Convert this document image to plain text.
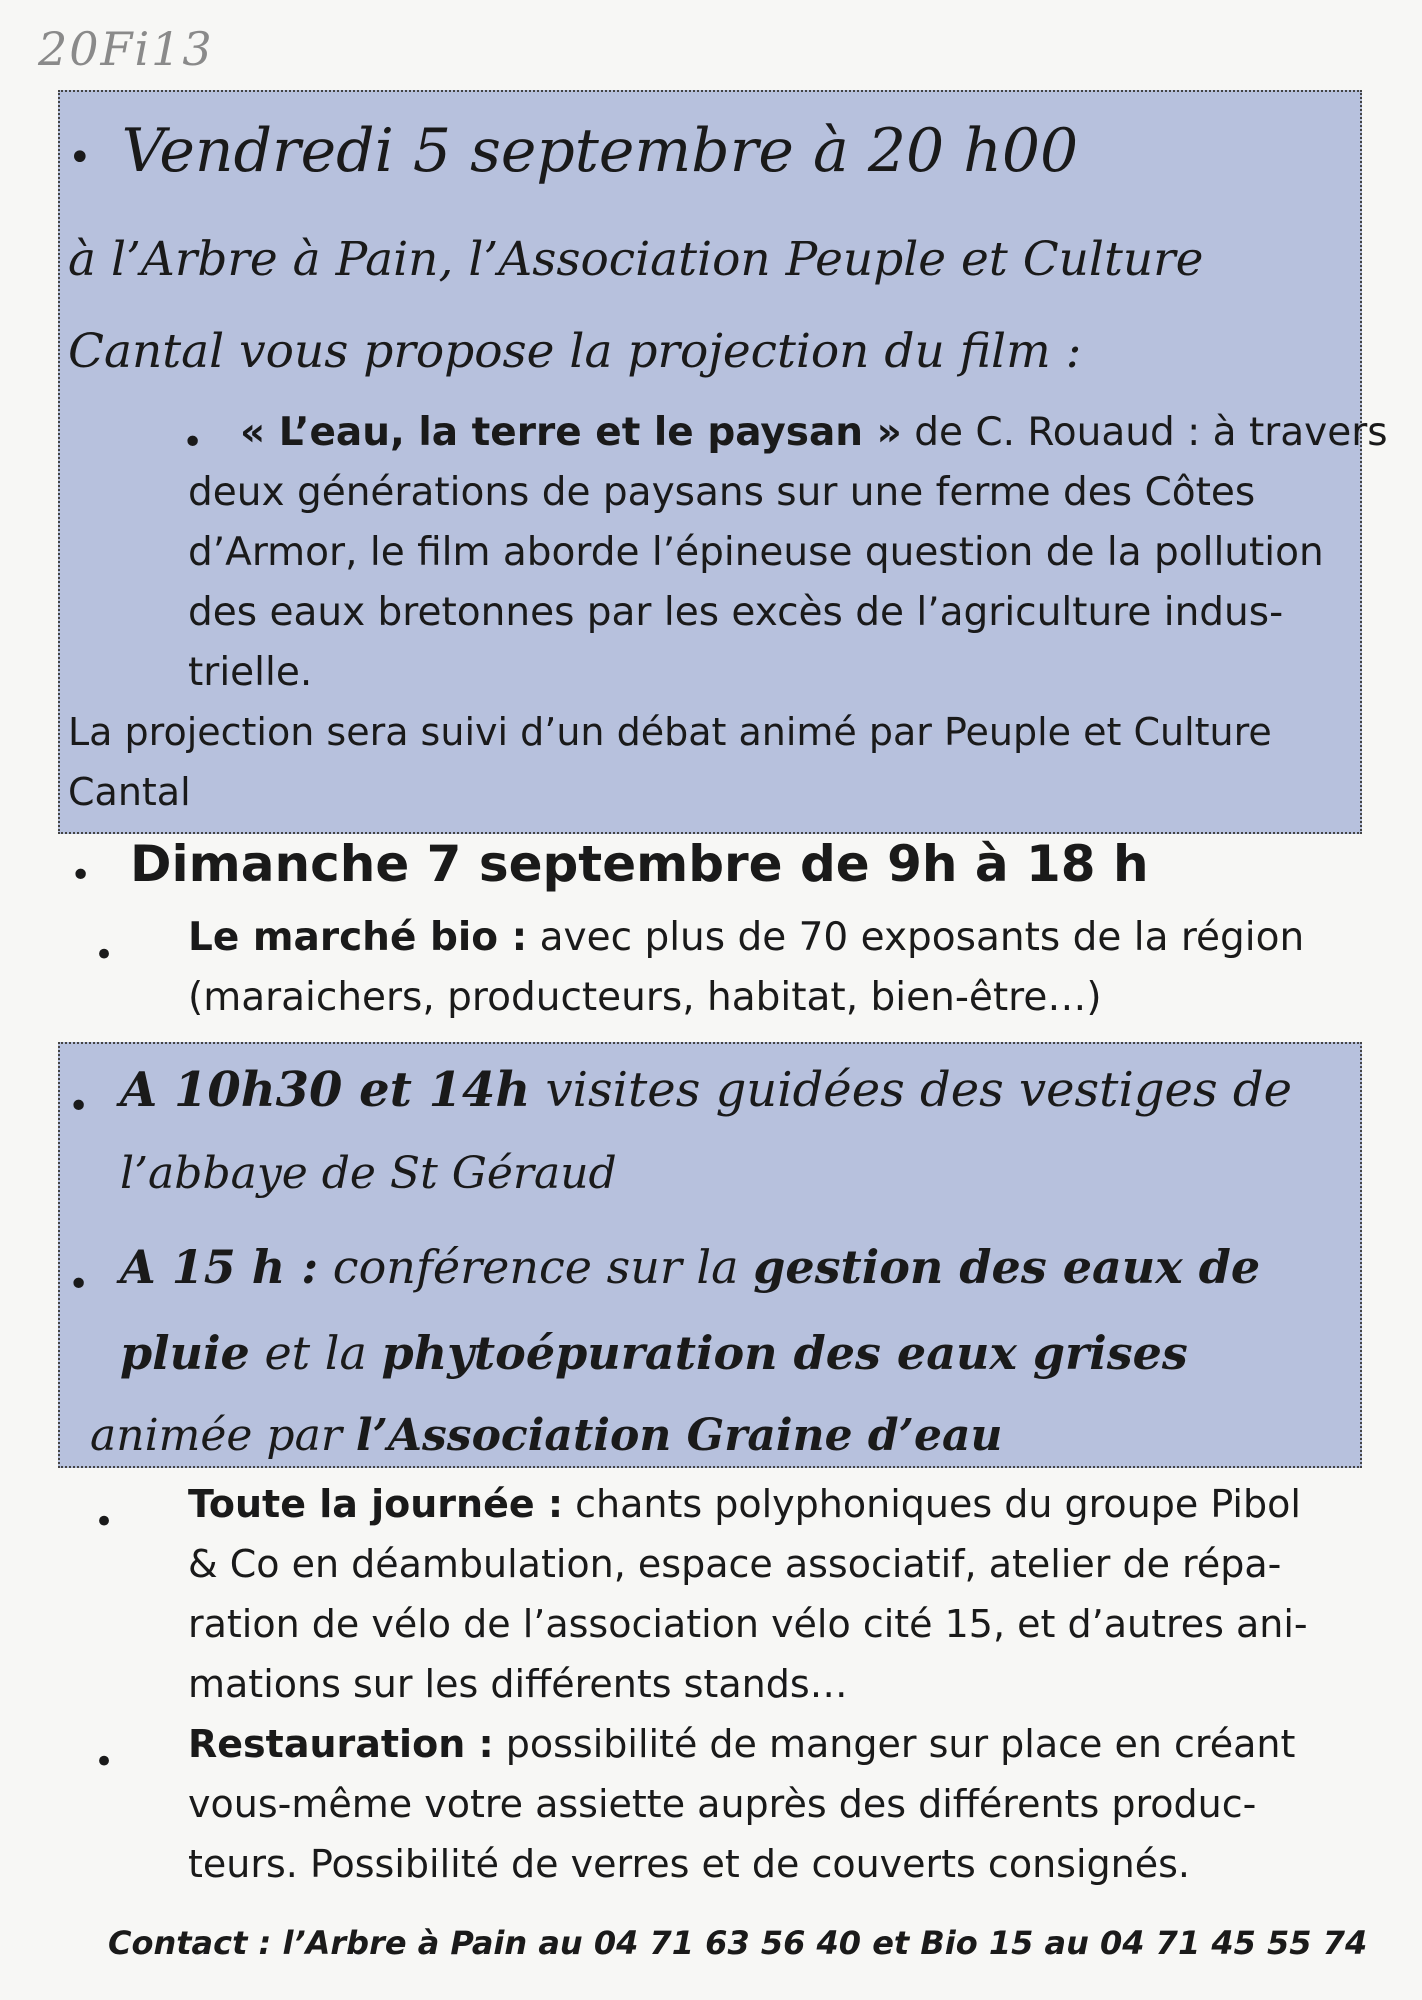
20Fi13
• Vendredi 5 septembre à 20 h00
à l’Arbre à Pain, l’Association Peuple et Culture
Cantal vous propose la projection du film :
• « L’eau, la terre et le paysan » de C. Rouaud : à travers
deux générations de paysans sur une ferme des Côtes
d’Armor, le film aborde l’épineuse question de la pollution
des eaux bretonnes par les excès de l’agriculture indus-
trielle.
La projection sera suivi d’un débat animé par Peuple et Culture
Cantal
• Dimanche 7 septembre de 9h à 18 h
• Le marché bio : avec plus de 70 exposants de la région
(maraichers, producteurs, habitat, bien-être…)
• A 10h30 et 14h visites guidées des vestiges de
l’abbaye de St Géraud
• A 15 h : conférence sur la gestion des eaux de
pluie et la phytoépuration des eaux grises
animée par l’Association Graine d’eau
• Toute la journée : chants polyphoniques du groupe Pibol
& Co en déambulation, espace associatif, atelier de répa-
ration de vélo de l’association vélo cité 15, et d’autres ani-
mations sur les différents stands…
• Restauration : possibilité de manger sur place en créant
vous-même votre assiette auprès des différents produc-
teurs. Possibilité de verres et de couverts consignés.
Contact : l’Arbre à Pain au 04 71 63 56 40 et Bio 15 au 04 71 45 55 74
